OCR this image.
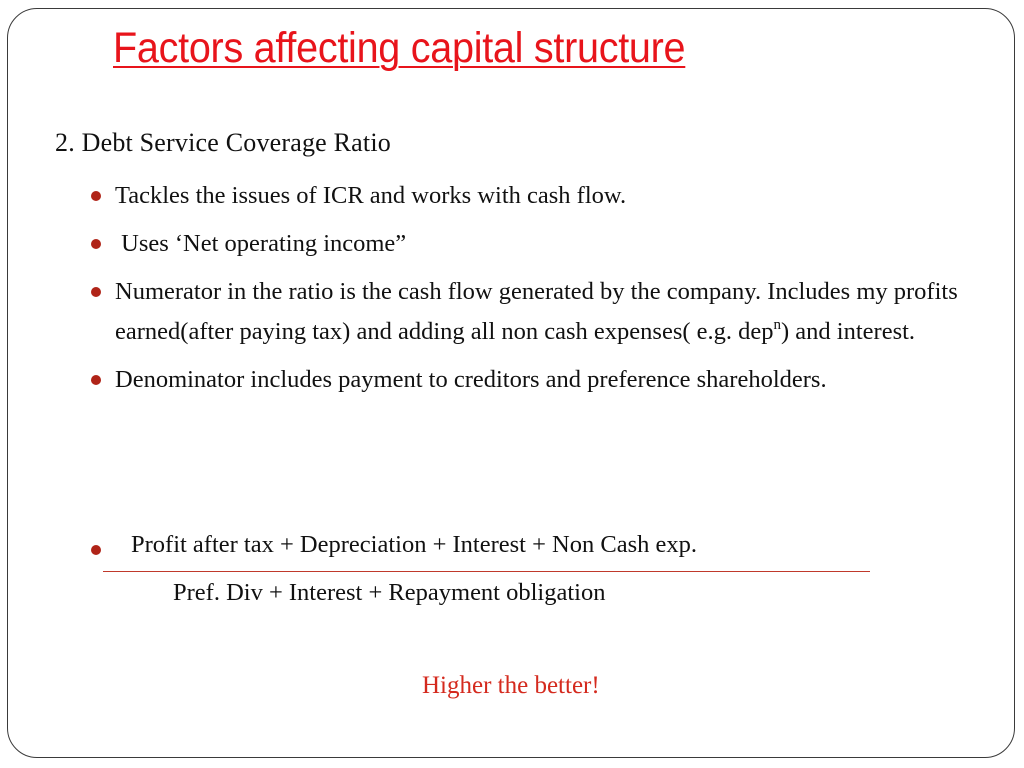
Factors affecting capital structure
2. Debt Service Coverage Ratio
Tackles the issues of ICR and works with cash flow.
Uses ‘Net operating income”
Numerator in the ratio is the cash flow generated by the company. Includes my profits earned(after paying tax) and adding all non cash expenses( e.g. dep$^n$) and interest.
Denominator includes payment to creditors and preference shareholders.
Profit after tax + Depreciation + Interest + Non Cash exp.
Pref. Div + Interest + Repayment obligation
Higher the better!
